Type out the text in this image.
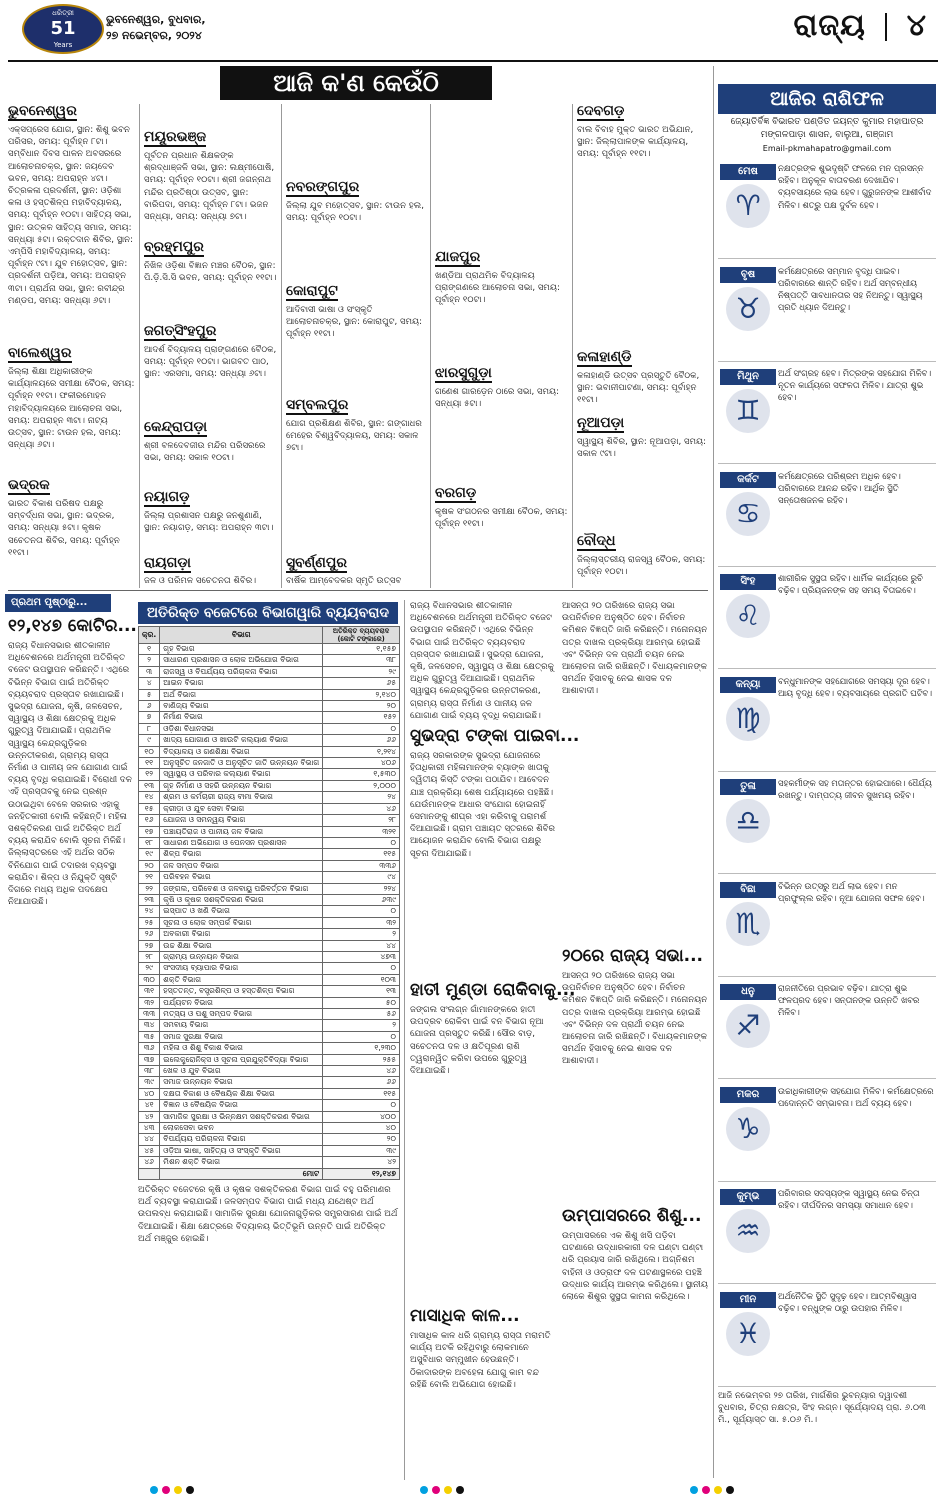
ଧରିତ୍ରୀ
51
Years
ଭୁବନେଶ୍ୱର, ବୁଧବାର,
୨୭ ନଭେମ୍ବର, ୨୦୨୪	ରାଜ୍ୟ ୪
ଆଜି କ'ଣ କେଉଁଠି
ଭୁବନେଶ୍ୱର
ଏକ୍ସପ୍ରେସ ଯୋଗ, ସ୍ଥାନ: ଶିଶୁ ଭବନ ପରିସର, ସମୟ: ପୂର୍ବାହ୍ନ ୮ଟା। ସମ୍ବିଧାନ ଦିବସ ପାଳନ ଅବସରରେ ଆଲୋଚନାଚକ୍ର, ସ୍ଥାନ: ଜୟଦେବ ଭବନ, ସମୟ: ଅପରାହ୍ନ ୪ଟା। ଚିତ୍ରକଳା ପ୍ରଦର୍ଶନୀ, ସ୍ଥାନ: ଓଡ଼ିଶା କଳା ଓ ହସ୍ତଶିଳ୍ପ ମହାବିଦ୍ୟାଳୟ, ସମୟ: ପୂର୍ବାହ୍ନ ୧୦ଟା। ସାହିତ୍ୟ ସଭା, ସ୍ଥାନ: ଉତ୍କଳ ସାହିତ୍ୟ ସମାଜ, ସମୟ: ସନ୍ଧ୍ୟା ୫ଟା। ରକ୍ତଦାନ ଶିବିର, ସ୍ଥାନ: ଏମ୍‌ପିସି ମହାବିଦ୍ୟାଳୟ, ସମୟ: ପୂର୍ବାହ୍ନ ୯ଟା। ଯୁବ ମହୋତ୍ସବ, ସ୍ଥାନ: ପ୍ରଦର୍ଶନୀ ପଡ଼ିଆ, ସମୟ: ଅପରାହ୍ନ ୩ଟା। ପ୍ରାର୍ଥନା ସଭା, ସ୍ଥାନ: ରବୀନ୍ଦ୍ର ମଣ୍ଡପ, ସମୟ: ସନ୍ଧ୍ୟା ୬ଟା।
ବାଲେଶ୍ୱର
ଜିଲ୍ଲା ଶିକ୍ଷା ଅଧିକାରୀଙ୍କ କାର୍ଯ୍ୟାଳୟରେ ସମୀକ୍ଷା ବୈଠକ, ସମୟ: ପୂର୍ବାହ୍ନ ୧୧ଟା। ଫକୀରମୋହନ ମହାବିଦ୍ୟାଳୟରେ ଆଲୋଚନା ସଭା, ସମୟ: ଅପରାହ୍ନ ୩ଟା। ନାଟ୍ୟ ଉତ୍ସବ, ସ୍ଥାନ: ଟାଉନ ହଲ, ସମୟ: ସନ୍ଧ୍ୟା ୬ଟା।
ଭଦ୍ରକ
ଭାରତ ବିକାଶ ପରିଷଦ ପକ୍ଷରୁ ସମ୍ବର୍ଦ୍ଧନା ସଭା, ସ୍ଥାନ: ଭଦ୍ରକ, ସମୟ: ସନ୍ଧ୍ୟା ୫ଟା। କୃଷକ ସଚେତନତା ଶିବିର, ସମୟ: ପୂର୍ବାହ୍ନ ୧୧ଟା।
ମୟୂରଭଞ୍ଜ
ପୂର୍ବତନ ପ୍ରଧାନ ଶିକ୍ଷକଙ୍କ ଶ୍ରଦ୍ଧାଞ୍ଜଳି ସଭା, ସ୍ଥାନ: ଲକ୍ଷ୍ମୀପୋଷି, ସମୟ: ପୂର୍ବାହ୍ନ ୧୦ଟା। ଶ୍ରୀ ଜଗନ୍ନାଥ ମନ୍ଦିର ପ୍ରତିଷ୍ଠା ଉତ୍ସବ, ସ୍ଥାନ: ବାରିପଦା, ସମୟ: ପୂର୍ବାହ୍ନ ୮ଟା। ଭଜନ ସନ୍ଧ୍ୟା, ସମୟ: ସନ୍ଧ୍ୟା ୭ଟା।
ବ୍ରହ୍ମପୁର
ନିଖିଳ ଓଡ଼ିଶା ବିଜ୍ଞାନ ମଞ୍ଚର ବୈଠକ, ସ୍ଥାନ: ପି.ଡ଼ି.ସି.ସି ଭବନ, ସମୟ: ପୂର୍ବାହ୍ନ ୧୧ଟା।
ଜଗତ୍‌ସିଂହପୁର
ଆଦର୍ଶ ବିଦ୍ୟାଳୟ ପ୍ରାଙ୍ଗଣରେ ବୈଠକ, ସମୟ: ପୂର୍ବାହ୍ନ ୧୦ଟା। ଭାଗବତ ପାଠ, ସ୍ଥାନ: ଏରସମା, ସମୟ: ସନ୍ଧ୍ୟା ୬ଟା।
କେନ୍ଦ୍ରାପଡ଼ା
ଶ୍ରୀ ବଳଦେବଜୀଉ ମନ୍ଦିର ପରିସରରେ ସଭା, ସମୟ: ସକାଳ ୧୦ଟା।
ନୟାଗଡ଼
ଜିଲ୍ଲା ପ୍ରଶାସନ ପକ୍ଷରୁ ଜନଶୁଣାଣି, ସ୍ଥାନ: ନୟାଗଡ଼, ସମୟ: ଅପରାହ୍ନ ୩ଟା।
ରାୟଗଡ଼ା
ଜଳ ଓ ପରିମଳ ସଚେତନତା ଶିବିର।
ନବରଙ୍ଗପୁର
ଜିଲ୍ଲା ଯୁବ ମହୋତ୍ସବ, ସ୍ଥାନ: ଟାଉନ ହଲ, ସମୟ: ପୂର୍ବାହ୍ନ ୧୦ଟା।
କୋରାପୁଟ
ଆଦିବାସୀ ଭାଷା ଓ ସଂସ୍କୃତି ଆଲୋଚନାଚକ୍ର, ସ୍ଥାନ: କୋରାପୁଟ, ସମୟ: ପୂର୍ବାହ୍ନ ୧୧ଟା।
ସମ୍ବଲପୁର
ଯୋଗ ପ୍ରଶିକ୍ଷଣ ଶିବିର, ସ୍ଥାନ: ଗଙ୍ଗାଧର ମେହେର ବିଶ୍ୱବିଦ୍ୟାଳୟ, ସମୟ: ସକାଳ ୭ଟା।
ସୁବର୍ଣ୍ଣପୁର
ବାର୍ଷିକ ଆମ୍ବେଦକର ସ୍ମୃତି ଉତ୍ସବ
ଯାଜପୁର
ଖଣ୍ଡିଆ ପ୍ରାଥମିକ ବିଦ୍ୟାଳୟ ପ୍ରାଙ୍ଗଣରେ ଆଲୋଚନା ସଭା, ସମୟ: ପୂର୍ବାହ୍ନ ୧୦ଟା।
ଝାରସୁଗୁଡ଼ା
ଗଣେଶ ଗାରଡ଼େନ ଠାରେ ସଭା, ସମୟ: ସନ୍ଧ୍ୟା ୫ଟା।
ବରଗଡ଼
କୃଷକ ସଂଗଠନର ସମୀକ୍ଷା ବୈଠକ, ସମୟ: ପୂର୍ବାହ୍ନ ୧୧ଟା।
ଦେବଗଡ଼
ବାଲ ବିବାହ ମୁକ୍ତ ଭାରତ ଅଭିଯାନ, ସ୍ଥାନ: ଜିଲ୍ଲାପାଳଙ୍କ କାର୍ଯ୍ୟାଳୟ, ସମୟ: ପୂର୍ବାହ୍ନ ୧୧ଟା।
କଳାହାଣ୍ଡି
କଳାହାଣ୍ଡି ଉତ୍ସବ ପ୍ରସ୍ତୁତି ବୈଠକ, ସ୍ଥାନ: ଭବାନୀପାଟଣା, ସମୟ: ପୂର୍ବାହ୍ନ ୧୧ଟା।
ନୂଆପଡ଼ା
ସ୍ୱାସ୍ଥ୍ୟ ଶିବିର, ସ୍ଥାନ: ନୂଆପଡ଼ା, ସମୟ: ସକାଳ ୯ଟା।
ବୌଦ୍ଧ
ଜିଲ୍ଲାସ୍ତରୀୟ ରାଜସ୍ୱ ବୈଠକ, ସମୟ: ପୂର୍ବାହ୍ନ ୧୦ଟା।
ପ୍ରଥମ ପୃଷ୍ଠାରୁ...
୧୨,୧୪୭ କୋଟିର...
ରାଜ୍ୟ ବିଧାନସଭାର ଶୀତକାଳୀନ ଅଧିବେଶନରେ ଅର୍ଥମନ୍ତ୍ରୀ ଅତିରିକ୍ତ ବଜେଟ ଉପସ୍ଥାପନ କରିଛନ୍ତି। ଏଥିରେ ବିଭିନ୍ନ ବିଭାଗ ପାଇଁ ଅତିରିକ୍ତ ବ୍ୟୟବରାଦ ପ୍ରସ୍ତାବ ରଖାଯାଇଛି। ସୁଭଦ୍ରା ଯୋଜନା, କୃଷି, ଜଳସେଚନ, ସ୍ୱାସ୍ଥ୍ୟ ଓ ଶିକ୍ଷା କ୍ଷେତ୍ରକୁ ଅଧିକ ଗୁରୁତ୍ୱ ଦିଆଯାଇଛି। ପ୍ରାଥମିକ ସ୍ୱାସ୍ଥ୍ୟ କେନ୍ଦ୍ରଗୁଡ଼ିକର ଉନ୍ନତୀକରଣ, ଗ୍ରାମ୍ୟ ରାସ୍ତା ନିର୍ମାଣ ଓ ପାନୀୟ ଜଳ ଯୋଗାଣ ପାଇଁ ବ୍ୟୟ ବୃଦ୍ଧି କରାଯାଇଛି। ବିରୋଧୀ ଦଳ ଏହି ପ୍ରସ୍ତାବକୁ ନେଇ ପ୍ରଶ୍ନ ଉଠାଇଥିବା ବେଳେ ସରକାର ଏହାକୁ ଜନହିତକାରୀ ବୋଲି କହିଛନ୍ତି। ମହିଳା ସଶକ୍ତିକରଣ ପାଇଁ ଅତିରିକ୍ତ ଅର୍ଥ ବ୍ୟୟ କରାଯିବ ବୋଲି ସୂଚନା ମିଳିଛି। ଜିଲ୍ଲାସ୍ତରରେ ଏହି ଅର୍ଥର ସଠିକ ବିନିଯୋଗ ପାଇଁ ତଦାରଖ ବ୍ୟବସ୍ଥା କରାଯିବ। ଶିଳ୍ପ ଓ ନିଯୁକ୍ତି ସୃଷ୍ଟି ଦିଗରେ ମଧ୍ୟ ଅଧିକ ପଦକ୍ଷେପ ନିଆଯାଉଛି।
ଅତିରିକ୍ତ ବଜେଟରେ ବିଭାଗୱାରି ବ୍ୟୟବରାଦ
କ୍ର.	ବିଭାଗ	ଅତିରିକ୍ତ ବ୍ୟୟବରାଦ (କୋଟି ଟଙ୍କାରେ)
୧	ଗୃହ ବିଭାଗ	୧,୧୫୭
୨	ସାଧାରଣ ପ୍ରଶାସନ ଓ ଲୋକ ଅଭିଯୋଗ ବିଭାଗ	୩୮
୩	ରାଜସ୍ୱ ଓ ବିପର୍ଯ୍ୟୟ ପରିଚାଳନା ବିଭାଗ	୨୯
୪	ଆଇନ ବିଭାଗ	୬୫
୫	ଅର୍ଥ ବିଭାଗ	୨,୧୪୦
୬	ବାଣିଜ୍ୟ ବିଭାଗ	୨୦
୭	ନିର୍ମାଣ ବିଭାଗ	୧୫୨
୮	ଓଡ଼ିଶା ବିଧାନସଭା	୦
୯	ଖାଦ୍ୟ ଯୋଗାଣ ଓ ଖାଉଟି କଲ୍ୟାଣ ବିଭାଗ	୬୬
୧୦	ବିଦ୍ୟାଳୟ ଓ ଗଣଶିକ୍ଷା ବିଭାଗ	୧,୨୧୪
୧୧	ଅନୁସୂଚିତ ଜନଜାତି ଓ ଅନୁସୂଚିତ ଜାତି ଉନ୍ନୟନ ବିଭାଗ	୪୦୬
୧୨	ସ୍ୱାସ୍ଥ୍ୟ ଓ ପରିବାର କଲ୍ୟାଣ ବିଭାଗ	୧,୫୩୦
୧୩	ଗୃହ ନିର୍ମାଣ ଓ ସହରି ଉନ୍ନୟନ ବିଭାଗ	୨,୦୦୦
୧୪	ଶ୍ରମ ଓ କର୍ମଚାରୀ ରାଜ୍ୟ ବୀମା ବିଭାଗ	୨୪
୧୫	କ୍ରୀଡ଼ା ଓ ଯୁବ ସେବା ବିଭାଗ	୪୬
୧୬	ଯୋଜନା ଓ ସମନ୍ୱୟ ବିଭାଗ	୨୮
୧୭	ପଞ୍ଚାୟତିରାଜ ଓ ପାନୀୟ ଜଳ ବିଭାଗ	୩୨୧
୧୮	ସାଧାରଣ ଅଭିଯୋଗ ଓ ପେନସନ ପ୍ରଶାସନ	୦
୧୯	ଶିଳ୍ପ ବିଭାଗ	୧୧୫
୨୦	ଜଳ ସମ୍ପଦ ବିଭାଗ	୩୩୬
୨୧	ପରିବହନ ବିଭାଗ	୯୪
୨୨	ଜଙ୍ଗଲ, ପରିବେଶ ଓ ଜଳବାୟୁ ପରିବର୍ତ୍ତନ ବିଭାଗ	୨୨୪
୨୩	କୃଷି ଓ କୃଷକ ସଶକ୍ତିକରଣ ବିଭାଗ	୬୩୯
୨୪	ଇସ୍ପାତ ଓ ଖଣି ବିଭାଗ	୦
୨୫	ସୂଚନା ଓ ଲୋକ ସମ୍ପର୍କ ବିଭାଗ	୩୨
୨୬	ଅବକାରୀ ବିଭାଗ	୨
୨୭	ଉଚ୍ଚ ଶିକ୍ଷା ବିଭାଗ	୪୪
୨୮	ଗ୍ରାମ୍ୟ ଉନ୍ନୟନ ବିଭାଗ	୪୭୩
୨୯	ସଂସଦୀୟ ବ୍ୟାପାର ବିଭାଗ	୦
୩୦	ଶକ୍ତି ବିଭାଗ	୧୦୩
୩୧	ହସ୍ତତନ୍ତ, ବସ୍ତ୍ରଶିଳ୍ପ ଓ ହସ୍ତଶିଳ୍ପ ବିଭାଗ	୧୩
୩୨	ପର୍ଯ୍ୟଟନ ବିଭାଗ	୫୦
୩୩	ମତ୍ସ୍ୟ ଓ ପଶୁ ସମ୍ପଦ ବିଭାଗ	୫୬
୩୪	ସମବାୟ ବିଭାଗ	୨
୩୫	ସମାଜ ସୁରକ୍ଷା ବିଭାଗ	୦
୩୬	ମହିଳା ଓ ଶିଶୁ ବିକାଶ ବିଭାଗ	୧,୨୩୦
୩୭	ଇଲେକ୍ଟ୍ରୋନିକ୍ସ ଓ ସୂଚନା ପ୍ରଯୁକ୍ତିବିଦ୍ୟା ବିଭାଗ	୨୫୫
୩୮	ଖେଳ ଓ ଯୁବ ବିଭାଗ	୪୬
୩୯	ସମାଜ ଉନ୍ନୟନ ବିଭାଗ	୬୬
୪୦	ଦକ୍ଷତା ବିକାଶ ଓ ବୈଷୟିକ ଶିକ୍ଷା ବିଭାଗ	୧୧୫
୪୧	ବିଜ୍ଞାନ ଓ ବୈଷୟିକ ବିଭାଗ	୦
୪୨	ସାମାଜିକ ସୁରକ୍ଷା ଓ ଭିନ୍ନକ୍ଷମ ସଶକ୍ତିକରଣ ବିଭାଗ	୪୦୦
୪୩	ଲୋକସେବା ଭବନ	୪୦
୪୪	ବିପର୍ଯ୍ୟୟ ପରିଚାଳନା ବିଭାଗ	୨୦
୪୫	ଓଡ଼ିଆ ଭାଷା, ସାହିତ୍ୟ ଓ ସଂସ୍କୃତି ବିଭାଗ	୩୯
୪୬	ମିଶନ ଶକ୍ତି ବିଭାଗ	୪୨
	ମୋଟ	୧୨,୧୪୭
ଅତିରିକ୍ତ ବଜେଟରେ କୃଷି ଓ କୃଷକ ସଶକ୍ତିକରଣ ବିଭାଗ ପାଇଁ ବହୁ ପରିମାଣର ଅର୍ଥ ବ୍ୟବସ୍ଥା କରାଯାଇଛି। ଜଳସମ୍ପଦ ବିଭାଗ ପାଇଁ ମଧ୍ୟ ଯଥେଷ୍ଟ ଅର୍ଥ ଉପଲବ୍ଧ କରାଯାଇଛି। ସାମାଜିକ ସୁରକ୍ଷା ଯୋଜନାଗୁଡ଼ିକର ସମ୍ପ୍ରସାରଣ ପାଇଁ ଅର୍ଥ ଦିଆଯାଇଛି। ଶିକ୍ଷା କ୍ଷେତ୍ରରେ ବିଦ୍ୟାଳୟ ଭିତ୍ତିଭୂମି ଉନ୍ନତି ପାଇଁ ଅତିରିକ୍ତ ଅର୍ଥ ମଞ୍ଜୁର ହୋଇଛି।
ରାଜ୍ୟ ବିଧାନସଭାର ଶୀତକାଳୀନ ଅଧିବେଶନରେ ଅର୍ଥମନ୍ତ୍ରୀ ଅତିରିକ୍ତ ବଜେଟ ଉପସ୍ଥାପନ କରିଛନ୍ତି। ଏଥିରେ ବିଭିନ୍ନ ବିଭାଗ ପାଇଁ ଅତିରିକ୍ତ ବ୍ୟୟବରାଦ ପ୍ରସ୍ତାବ ରଖାଯାଇଛି। ସୁଭଦ୍ରା ଯୋଜନା, କୃଷି, ଜଳସେଚନ, ସ୍ୱାସ୍ଥ୍ୟ ଓ ଶିକ୍ଷା କ୍ଷେତ୍ରକୁ ଅଧିକ ଗୁରୁତ୍ୱ ଦିଆଯାଇଛି। ପ୍ରାଥମିକ ସ୍ୱାସ୍ଥ୍ୟ କେନ୍ଦ୍ରଗୁଡ଼ିକର ଉନ୍ନତୀକରଣ, ଗ୍ରାମ୍ୟ ରାସ୍ତା ନିର୍ମାଣ ଓ ପାନୀୟ ଜଳ ଯୋଗାଣ ପାଇଁ ବ୍ୟୟ ବୃଦ୍ଧି କରାଯାଇଛି।
ସୁଭଦ୍ରା ଟଙ୍କା ପାଇବା...
ରାଜ୍ୟ ସରକାରଙ୍କ ସୁଭଦ୍ରା ଯୋଜନାରେ ହିତାଧିକାରୀ ମହିଳାମାନଙ୍କ ବ୍ୟାଙ୍କ ଖାତାକୁ ଦ୍ୱିତୀୟ କିସ୍ତି ଟଙ୍କା ପଠାଯିବ। ଆବେଦନ ଯାଞ୍ଚ ପ୍ରକ୍ରିୟା ଶେଷ ପର୍ଯ୍ୟାୟରେ ପହଞ୍ଚିଛି। ଯେଉଁମାନଙ୍କ ଆଧାର ସଂଯୋଗ ହୋଇନାହିଁ ସେମାନଙ୍କୁ ଶୀଘ୍ର ଏହା କରିବାକୁ ପରାମର୍ଶ ଦିଆଯାଇଛି। ଗ୍ରାମ ପଞ୍ଚାୟତ ସ୍ତରରେ ଶିବିର ଆୟୋଜନ କରାଯିବ ବୋଲି ବିଭାଗ ପକ୍ଷରୁ ସୂଚନା ଦିଆଯାଇଛି।
ହାତୀ ମୁଣ୍ଡା ରୋକିବାକୁ...
ଜଙ୍ଗଲ ସଂଲଗ୍ନ ଗାଁମାନଙ୍କରେ ହାତୀ ଉପଦ୍ରବ ରୋକିବା ପାଇଁ ବନ ବିଭାଗ ନୂଆ ଯୋଜନା ପ୍ରସ୍ତୁତ କରିଛି। ସୌର ବାଡ଼, ସଚେତନତା ଦଳ ଓ କ୍ଷତିପୂରଣ ରାଶି ତ୍ୱରାନ୍ୱିତ କରିବା ଉପରେ ଗୁରୁତ୍ୱ ଦିଆଯାଇଛି।
ମାସାଧିକ କାଳ...
ମାସାଧିକ କାଳ ଧରି ଗ୍ରାମ୍ୟ ରାସ୍ତା ମରାମତି କାର୍ଯ୍ୟ ଅଟକି ରହିଥିବାରୁ ଲୋକମାନେ ଅସୁବିଧାର ସମ୍ମୁଖୀନ ହେଉଛନ୍ତି। ଠିକାଦାରଙ୍କ ଅବହେଳା ଯୋଗୁ କାମ ବନ୍ଦ ରହିଛି ବୋଲି ଅଭିଯୋଗ ହୋଇଛି।
ଆସନ୍ତା ୨୦ ତାରିଖରେ ରାଜ୍ୟ ସଭା ଉପନିର୍ବାଚନ ଅନୁଷ୍ଠିତ ହେବ। ନିର୍ବାଚନ କମିଶନ ବିଜ୍ଞପ୍ତି ଜାରି କରିଛନ୍ତି। ମନୋନୟନ ପତ୍ର ଦାଖଲ ପ୍ରକ୍ରିୟା ଆରମ୍ଭ ହୋଇଛି ଏବଂ ବିଭିନ୍ନ ଦଳ ପ୍ରାର୍ଥୀ ଚୟନ ନେଇ ଆଲୋଚନା ଜାରି ରଖିଛନ୍ତି। ବିଧାୟକମାନଙ୍କ ସମର୍ଥନ ହିସାବକୁ ନେଇ ଶାସକ ଦଳ ଆଶାବାଦୀ।
୨୦ରେ ରାଜ୍ୟ ସଭା...
ଆସନ୍ତା ୨୦ ତାରିଖରେ ରାଜ୍ୟ ସଭା ଉପନିର୍ବାଚନ ଅନୁଷ୍ଠିତ ହେବ। ନିର୍ବାଚନ କମିଶନ ବିଜ୍ଞପ୍ତି ଜାରି କରିଛନ୍ତି। ମନୋନୟନ ପତ୍ର ଦାଖଲ ପ୍ରକ୍ରିୟା ଆରମ୍ଭ ହୋଇଛି ଏବଂ ବିଭିନ୍ନ ଦଳ ପ୍ରାର୍ଥୀ ଚୟନ ନେଇ ଆଲୋଚନା ଜାରି ରଖିଛନ୍ତି। ବିଧାୟକମାନଙ୍କ ସମର୍ଥନ ହିସାବକୁ ନେଇ ଶାସକ ଦଳ ଆଶାବାଦୀ।
ଉମ୍ପାସରରେ ଶିଶୁ...
ଉମ୍ପାସରରେ ଏକ ଶିଶୁ ଖସି ପଡ଼ିବା ଘଟଣାରେ ଉଦ୍ଧାରକାରୀ ଦଳ ଘଣ୍ଟା ଘଣ୍ଟା ଧରି ପ୍ରୟାସ ଜାରି ରଖିଥିଲେ। ଅଗ୍ନିଶମ ବାହିନୀ ଓ ଓଡ୍ରାଫ ଦଳ ଘଟଣାସ୍ଥଳରେ ପହଞ୍ଚି ଉଦ୍ଧାର କାର୍ଯ୍ୟ ଆରମ୍ଭ କରିଥିଲେ। ସ୍ଥାନୀୟ ଲୋକେ ଶିଶୁର ସୁସ୍ଥତା କାମନା କରିଥିଲେ।
ଆଜିର ରାଶିଫଳ
ଜ୍ୟୋତିର୍ବିଜ୍ଞ ବିଭାରତ ପଣ୍ଡିତ ଜୟନ୍ତ କୁମାର ମହାପାତ୍ର
ମଙ୍ଗଳପାଡ଼ା ଶାସନ, ବାଲୁଆ, ଗଞ୍ଜାମ
Email-pkmahapatro@gmail.com
ମେଷ
♈
ନକ୍ଷତ୍ରଙ୍କ ଶୁଭଦୃଷ୍ଟି ଫଳରେ ମନ ପ୍ରସନ୍ନ ରହିବ। ଅନୁକୂଳ ବାତାବରଣ ଦେଖାଯିବ। ବ୍ୟବସାୟରେ ଲାଭ ହେବ। ଗୁରୁଜନଙ୍କ ଆଶୀର୍ବାଦ ମିଳିବ। ଶତ୍ରୁ ପକ୍ଷ ଦୁର୍ବଳ ହେବ।
ବୃଷ
♉
କର୍ମକ୍ଷେତ୍ରରେ ସମ୍ମାନ ବୃଦ୍ଧି ପାଇବ। ପରିବାରରେ ଶାନ୍ତି ରହିବ। ଅର୍ଥ ସମ୍ବନ୍ଧୀୟ ନିଷ୍ପତ୍ତି ସାବଧାନତାର ସହ ନିଅନ୍ତୁ। ସ୍ୱାସ୍ଥ୍ୟ ପ୍ରତି ଧ୍ୟାନ ଦିଅନ୍ତୁ।
ମିଥୁନ
♊
ଅର୍ଥ ସଂଗ୍ରହ ହେବ। ମିତ୍ରଙ୍କ ସହଯୋଗ ମିଳିବ। ନୂତନ କାର୍ଯ୍ୟରେ ସଫଳତା ମିଳିବ। ଯାତ୍ରା ଶୁଭ ହେବ।
କର୍କଟ
♋
କର୍ମକ୍ଷେତ୍ରରେ ପରିଶ୍ରମ ଅଧିକ ହେବ। ପରିବାରରେ ଆନନ୍ଦ ରହିବ। ଆର୍ଥିକ ସ୍ଥିତି ସନ୍ତୋଷଜନକ ରହିବ।
ସିଂହ
♌
ଶାରୀରିକ ସୁସ୍ଥତା ରହିବ। ଧାର୍ମିକ କାର୍ଯ୍ୟରେ ରୁଚି ବଢ଼ିବ। ପ୍ରିୟଜନଙ୍କ ସହ ସମୟ ବିତାଇବେ।
କନ୍ୟା
♍
ବନ୍ଧୁମାନଙ୍କ ସହଯୋଗରେ ସମସ୍ୟା ଦୂର ହେବ। ଆୟ ବୃଦ୍ଧି ହେବ। ବ୍ୟବସାୟରେ ପ୍ରଗତି ଘଟିବ।
ତୁଳା
♎
ସହକର୍ମୀଙ୍କ ସହ ମତାନ୍ତର ହୋଇପାରେ। ଧୈର୍ଯ୍ୟ ରଖନ୍ତୁ। ଦାମ୍ପତ୍ୟ ଜୀବନ ସୁଖମୟ ରହିବ।
ବିଛା
♏
ବିଭିନ୍ନ ଉତ୍ସରୁ ଅର୍ଥ ଲାଭ ହେବ। ମନ ପ୍ରଫୁଲ୍ଲ ରହିବ। ନୂଆ ଯୋଜନା ସଫଳ ହେବ।
ଧନୁ
♐
ରାଜନୀତିରେ ପ୍ରଭାବ ବଢ଼ିବ। ଯାତ୍ରା ଶୁଭ ଫଳପ୍ରଦ ହେବ। ସନ୍ତାନଙ୍କ ଉନ୍ନତି ଖବର ମିଳିବ।
ମକର
♑
ଉଚ୍ଚାଧିକାରୀଙ୍କ ସହଯୋଗ ମିଳିବ। କର୍ମକ୍ଷେତ୍ରରେ ପଦୋନ୍ନତି ସମ୍ଭାବନା। ଅର୍ଥ ବ୍ୟୟ ହେବ।
କୁମ୍ଭ
♒
ପରିବାରର ସଦସ୍ୟଙ୍କ ସ୍ୱାସ୍ଥ୍ୟ ନେଇ ଚିନ୍ତା ରହିବ। ଦୀର୍ଘଦିନର ସମସ୍ୟା ସମାଧାନ ହେବ।
ମୀନ
♓
ଅର୍ଥନୈତିକ ସ୍ଥିତି ସୁଦୃଢ଼ ହେବ। ଆତ୍ମବିଶ୍ୱାସ ବଢ଼ିବ। ବନ୍ଧୁଙ୍କ ଠାରୁ ଉପହାର ମିଳିବ।
ଆଜି ନଭେମ୍ବର ୨୭ ତାରିଖ, ମାର୍ଗଶିର ଭୁବନ୍ୟାର ଦ୍ୱାଦଶୀ ବୁଧବାର, ଚିତ୍ରା ନକ୍ଷତ୍ର, ସିଂହ ଲଗ୍ନ। ସୂର୍ଯ୍ୟୋଦୟ ପ୍ରା. ୬.୦୩ ମି., ସୂର୍ଯ୍ୟାସ୍ତ ସା. ୫.୦୬ ମି.।
